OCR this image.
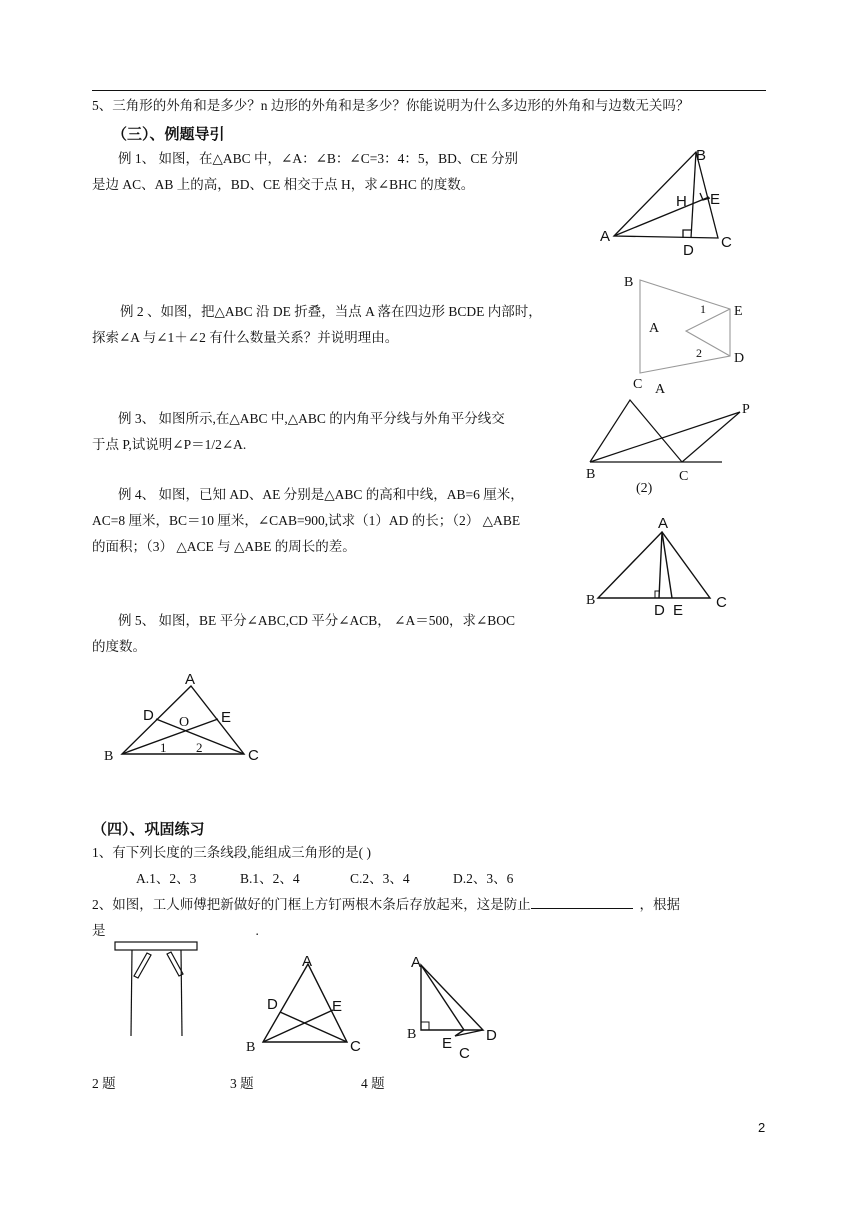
5、三角形的外角和是多少？n 边形的外角和是多少？你能说明为什么多边形的外角和与边数无关吗？
（三）、例题导引
例 1、 如图，在△ABC 中，∠A：∠B：∠C=3：4：5，BD、CE 分别
是边 AC、AB 上的高，BD、CE 相交于点 H，求∠BHC 的度数。
B
H E
A
D C
例 2 、如图，把△ABC 沿 DE 折叠，当点 A 落在四边形 BCDE 内部时，
探索∠A 与∠1＋∠2 有什么数量关系？并说明理由。
B
E
1
A
2 D
C A
例 3、 如图所示,在△ABC 中,△ABC 的内角平分线与外角平分线交
于点 P,试说明∠P＝1/2∠A.
P
B	C
(2)
例 4、 如图，已知 AD、AE 分别是△ABC 的高和中线，AB=6 厘米，
AC=8 厘米，BC＝10 厘米，∠CAB=900,试求（1）AD 的长；（2） △ABE
的面积；（3） △ACE 与 △ABE 的周长的差。
A
B
D E C
例 5、 如图，BE 平分∠ABC,CD 平分∠ACB， ∠A＝500，求∠BOC
的度数。
A
D O E
B
1 2	C
（四）、巩固练习
1、有下列长度的三条线段,能组成三角形的是( )
A.1、2、3	B.1、2、4	C.2、3、4	D.2、3、6
2、如图，工人师傅把新做好的门框上方钉两根木条后存放起来，这是防止	，根据
是	.
A
D	E
B	C
A
B
E
C
D
2 题	3 题	4 题
2
